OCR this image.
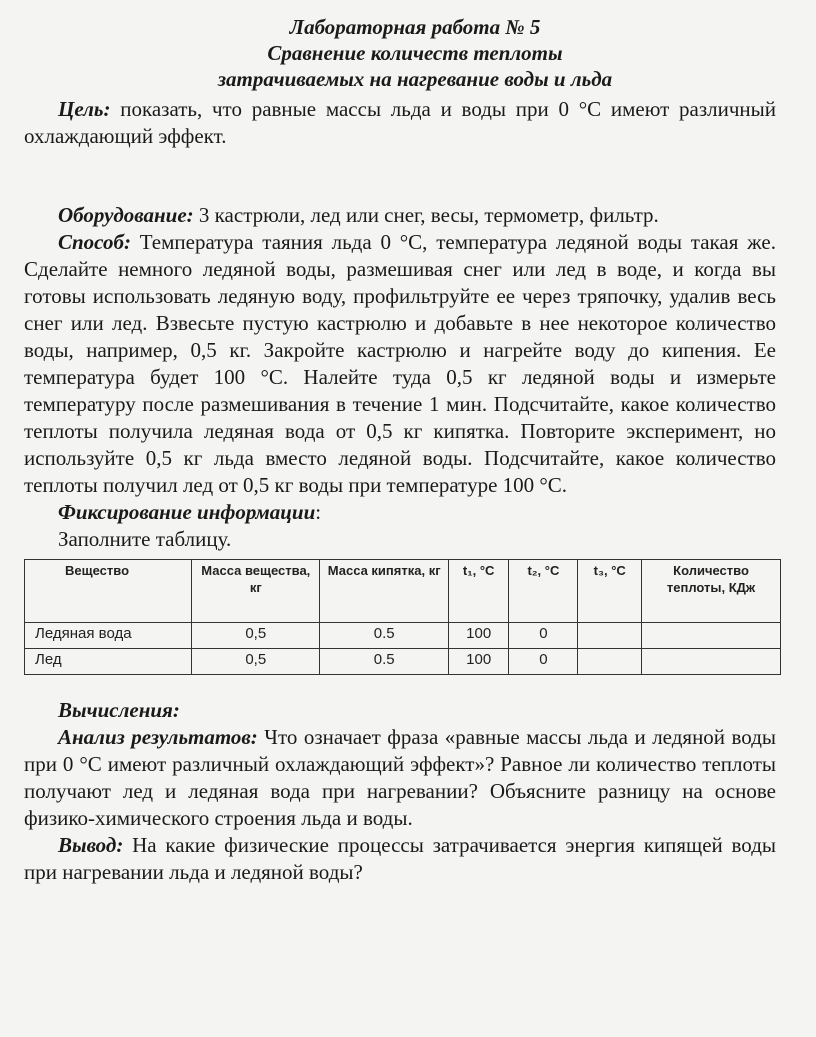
Лабораторная работа № 5

Сравнение количеств теплоты

затрачиваемых на нагревание воды и льда

Цель: показать, что равные массы льда и воды при 0 °С имеют различный охлаждающий эффект.

Оборудование: 3 кастрюли, лед или снег, весы, термометр, фильтр.

Способ: Температура таяния льда 0 °С, температура ледяной воды такая же. Сделайте немного ледяной воды, размешивая снег или лед в воде, и когда вы готовы использовать ледяную воду, профильтруйте ее через тряпочку, удалив весь снег или лед. Взвесьте пустую кастрюлю и добавьте в нее некоторое количество воды, например, 0,5 кг. Закройте кастрюлю и нагрейте воду до кипения. Ее температура будет 100 °С. Налейте туда 0,5 кг ледяной воды и измерьте температуру после размешивания в течение 1 мин. Подсчитайте, какое количество теплоты получила ледяная вода от 0,5 кг кипятка. Повторите эксперимент, но используйте 0,5 кг льда вместо ледяной воды. Подсчитайте, какое количество теплоты получил лед от 0,5 кг воды при температуре 100 °С.

Фиксирование информации:

Заполните таблицу.

Вещество	Масса вещества, кг	Масса кипятка, кг	t₁, °С	t₂, °С	t₃, °С	Количество теплоты, КДж
Ледяная вода	0,5	0.5	100	0		
Лед	0,5	0.5	100	0		

Вычисления:

Анализ результатов: Что означает фраза «равные массы льда и ледяной воды при 0 °С имеют различный охлаждающий эффект»? Равное ли количество теплоты получают лед и ледяная вода при нагревании? Объясните разницу на основе физико-химического строения льда и воды.

Вывод: На какие физические процессы затрачивается энергия кипящей воды при нагревании льда и ледяной воды?
